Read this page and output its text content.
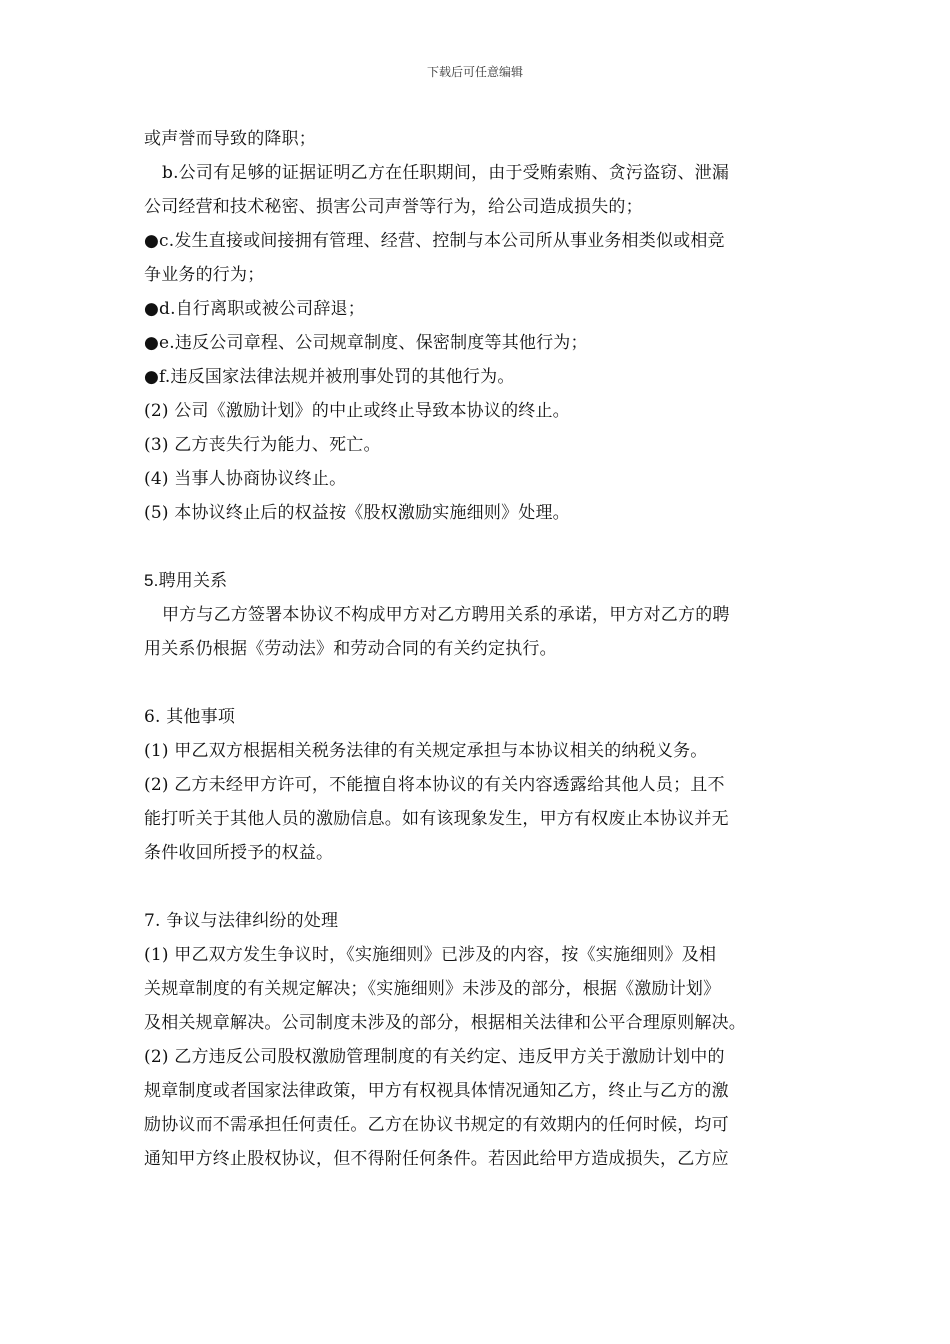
下载后可任意编辑
或声誉而导致的降职；
b.公司有足够的证据证明乙方在任职期间，由于受贿索贿、贪污盗窃、泄漏
公司经营和技术秘密、损害公司声誉等行为，给公司造成损失的；
●c.发生直接或间接拥有管理、经营、控制与本公司所从事业务相类似或相竞
争业务的行为；
●d.自行离职或被公司辞退；
●e.违反公司章程、公司规章制度、保密制度等其他行为；
●f.违反国家法律法规并被刑事处罚的其他行为。
(2) 公司《激励计划》的中止或终止导致本协议的终止。
(3) 乙方丧失行为能力、死亡。
(4) 当事人协商协议终止。
(5) 本协议终止后的权益按《股权激励实施细则》处理。
5.聘用关系
甲方与乙方签署本协议不构成甲方对乙方聘用关系的承诺，甲方对乙方的聘
用关系仍根据《劳动法》和劳动合同的有关约定执行。
6. 其他事项
(1) 甲乙双方根据相关税务法律的有关规定承担与本协议相关的纳税义务。
(2) 乙方未经甲方许可，不能擅自将本协议的有关内容透露给其他人员；且不
能打听关于其他人员的激励信息。如有该现象发生，甲方有权废止本协议并无
条件收回所授予的权益。
7. 争议与法律纠纷的处理
(1) 甲乙双方发生争议时，《实施细则》已涉及的内容，按《实施细则》及相
关规章制度的有关规定解决；《实施细则》未涉及的部分，根据《激励计划》
及相关规章解决。公司制度未涉及的部分，根据相关法律和公平合理原则解决。
(2) 乙方违反公司股权激励管理制度的有关约定、违反甲方关于激励计划中的
规章制度或者国家法律政策，甲方有权视具体情况通知乙方，终止与乙方的激
励协议而不需承担任何责任。乙方在协议书规定的有效期内的任何时候，均可
通知甲方终止股权协议，但不得附任何条件。若因此给甲方造成损失，乙方应
